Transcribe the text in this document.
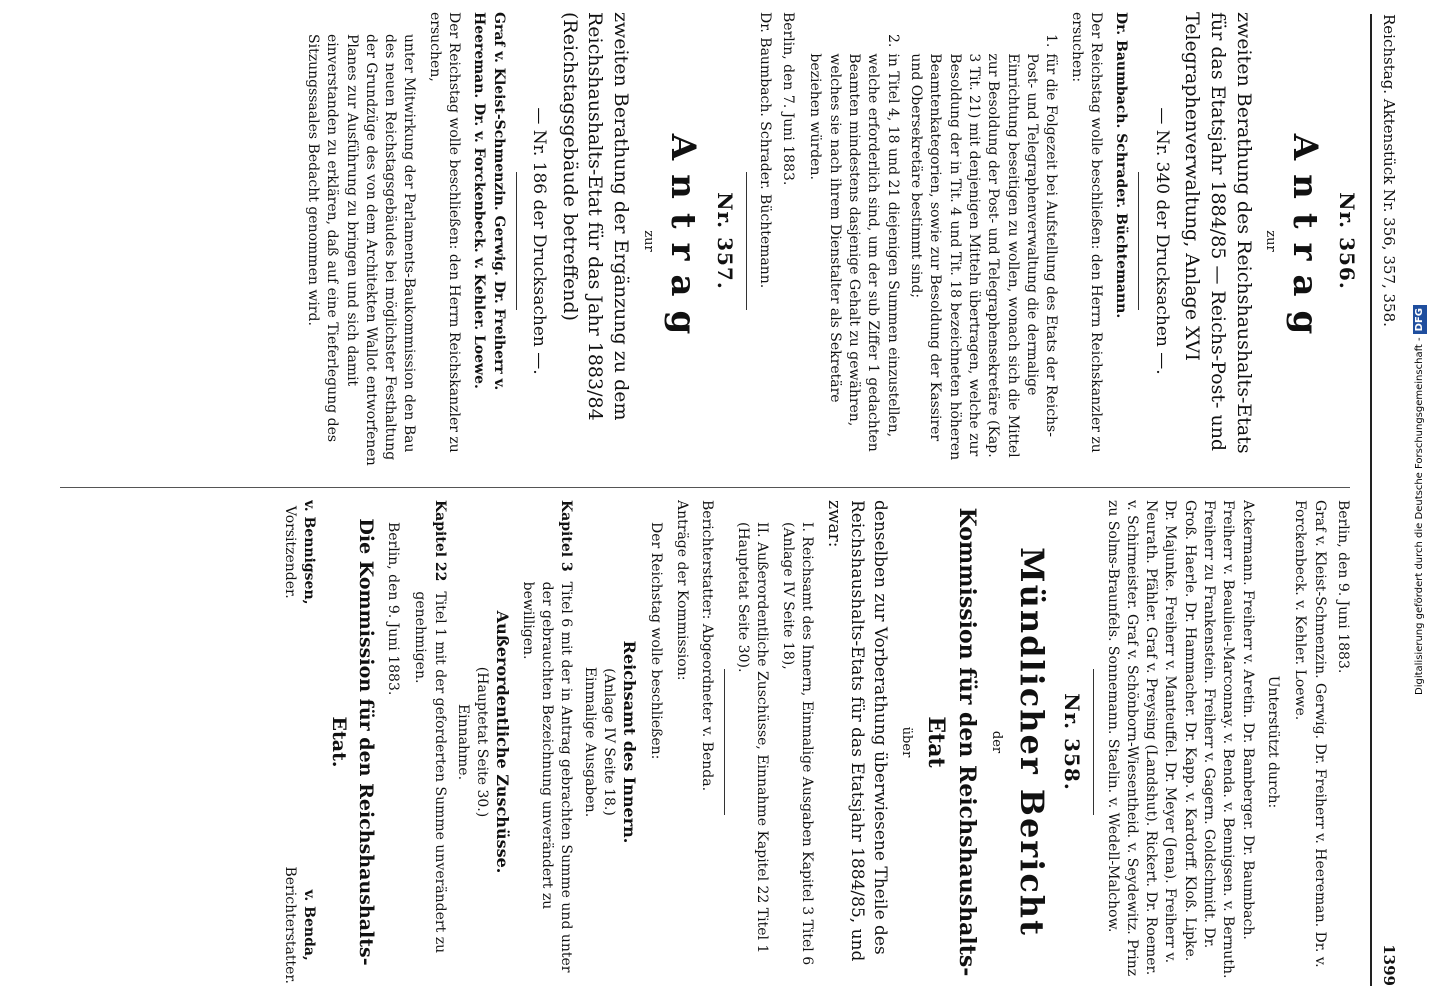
Reichstag. Aktenstück Nr. 356, 357, 358.
1399
Nr. 356.
Antrag
zur
zweiten Berathung des Reichshaushalts-Etats für das Etatsjahr 1884/85 — Reichs-Post- und Telegraphenverwaltung, Anlage XVI
— Nr. 340 der Drucksachen —.

Dr. Baumbach. Schrader. Büchtemann.

Der Reichstag wolle beschließen: den Herrn Reichskanzler zu ersuchen:

1.
für die Folgezeit bei Aufstellung des Etats der Reichs-Post- und Telegraphenverwaltung die dermalige Einrichtung beseitigen zu wollen, wonach sich die Mittel zur Besoldung der Post- und Telegraphensekretäre (Kap. 3 Tit. 21) mit denjenigen Mitteln übertragen, welche zur Besoldung der in Tit. 4 und Tit. 18 bezeichneten höheren Beamtenkategorien, sowie zur Besoldung der Kassirer und Obersekretäre bestimmt sind;
2.
in Titel 4, 18 und 21 diejenigen Summen einzustellen, welche erforderlich sind, um der sub Ziffer 1 gedachten Beamten mindestens dasjenige Gehalt zu gewähren, welches sie nach ihrem Dienstalter als Sekretäre beziehen würden.

Berlin, den 7. Juni 1883.

Dr. Baumbach. Schrader. Büchtemann.

Nr. 357.
Antrag
zur
zweiten Berathung der Ergänzung zu dem Reichshaushalts-Etat für das Jahr 1883/84 (Reichstagsgebäude betreffend)
— Nr. 186 der Drucksachen —.

Graf v. Kleist-Schmenzin. Gerwig. Dr. Freiherr v. Heereman. Dr. v. Forckenbeck. v. Kehler. Loewe.

Der Reichstag wolle beschließen: den Herrn Reichskanzler zu ersuchen,

unter Mitwirkung der Parlaments-Baukommission den Bau des neuen Reichstagsgebäudes bei möglichster Festhaltung der Grundzüge des von dem Architekten Wallot entworfenen Planes zur Ausführung zu bringen und sich damit einverstanden zu erklären, daß auf eine Tieferlegung des Sitzungssaales Bedacht genommen wird.

Berlin, den 9. Juni 1883.

Graf v. Kleist-Schmenzin. Gerwig. Dr. Freiherr v. Heereman. Dr. v. Forckenbeck. v. Kehler. Loewe.

Unterstützt durch:

Ackermann. Freiherr v. Aretin. Dr. Bamberger. Dr. Baumbach. Freiherr v. Beaulieu-Marconnay. v. Benda. v. Bennigsen. v. Bernuth. Freiherr zu Frankenstein. Freiherr v. Gagern. Goldschmidt. Dr. Groß. Haerle. Dr. Hammacher. Dr. Kapp. v. Kardorff. Kloß. Lipke. Dr. Majunke. Freiherr v. Manteuffel. Dr. Meyer (Jena). Freiherr v. Neurath. Pfähler. Graf v. Preysing (Landshut). Rickert. Dr. Roemer. v. Schirmeister. Graf v. Schönborn-Wiesentheid. v. Seydewitz. Prinz zu Solms-Braunfels. Sonnemann. Staelin. v. Wedell-Malchow.

Nr. 358.
Mündlicher Bericht
der
Kommission für den Reichshaushalts-Etat
über
denselben zur Vorberathung überwiesene Theile des Reichshaushalts-Etats für das Etatsjahr 1884/85, und zwar:

I. Reichsamt des Innern, Einmalige Ausgaben Kapitel 3 Titel 6 (Anlage IV Seite 18),

II. Außerordentliche Zuschüsse, Einnahme Kapitel 22 Titel 1 (Hauptetat Seite 30).

Berichterstatter: Abgeordneter v. Benda.

Anträge der Kommission:

Der Reichstag wolle beschließen:

Reichsamt des Innern.
(Anlage IV Seite 18.)
Einmalige Ausgaben.
Kapitel 3
Titel 6 mit der in Antrag gebrachten Summe und unter der gebrauchten Bezeichnung unverändert zu bewilligen.
Außerordentliche Zuschüsse.
(Hauptetat Seite 30.)
Einnahme.
Kapitel 22
Titel 1 mit der geforderten Summe unverändert zu genehmigen.

Berlin, den 9. Juni 1883.

Die Kommission für den Reichshaushalts-Etat.
v. Bennigsen,
Vorsitzender.
v. Benda,
Berichterstatter.
Digitalisierung gefördert durch die Deutsche Forschungsgemeinschaft -DFG
